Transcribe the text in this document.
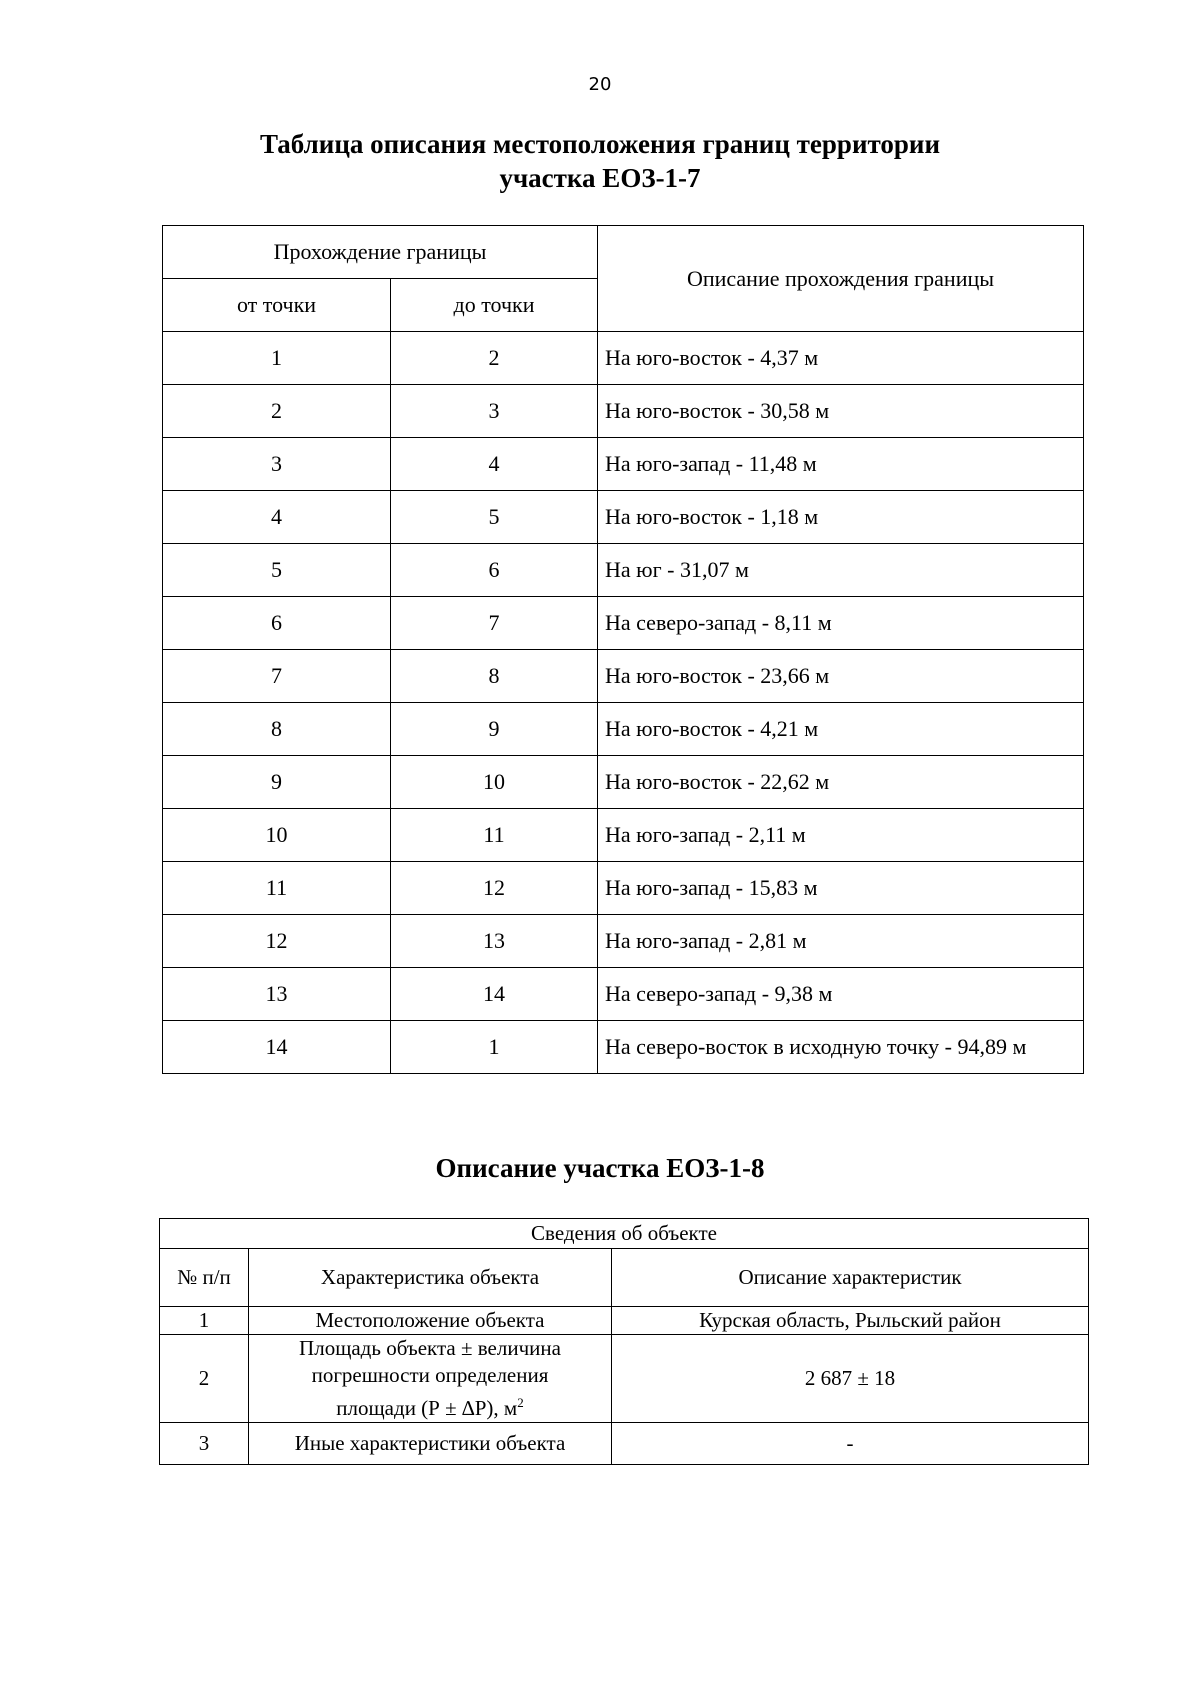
20
Таблица описания местоположения границ территории
участка ЕОЗ-1-7
Прохождение границы		Описание прохождения границы
от точки	до точки	
1	2	На юго-восток - 4,37 м
2	3	На юго-восток - 30,58 м
3	4	На юго-запад - 11,48 м
4	5	На юго-восток - 1,18 м
5	6	На юг - 31,07 м
6	7	На северо-запад - 8,11 м
7	8	На юго-восток - 23,66 м
8	9	На юго-восток - 4,21 м
9	10	На юго-восток - 22,62 м
10	11	На юго-запад - 2,11 м
11	12	На юго-запад - 15,83 м
12	13	На юго-запад - 2,81 м
13	14	На северо-запад - 9,38 м
14	1	На северо-восток в исходную точку - 94,89 м
Описание участка ЕОЗ-1-8
Сведения об объекте		
№ п/п	Характеристика объекта	Описание характеристик
1	Местоположение объекта	Курская область, Рыльский район
2	Площадь объекта ± величина
погрешности определения
площади (Р ± ∆Р), $м^2$	2 687 ± 18
3	Иные характеристики объекта	-
